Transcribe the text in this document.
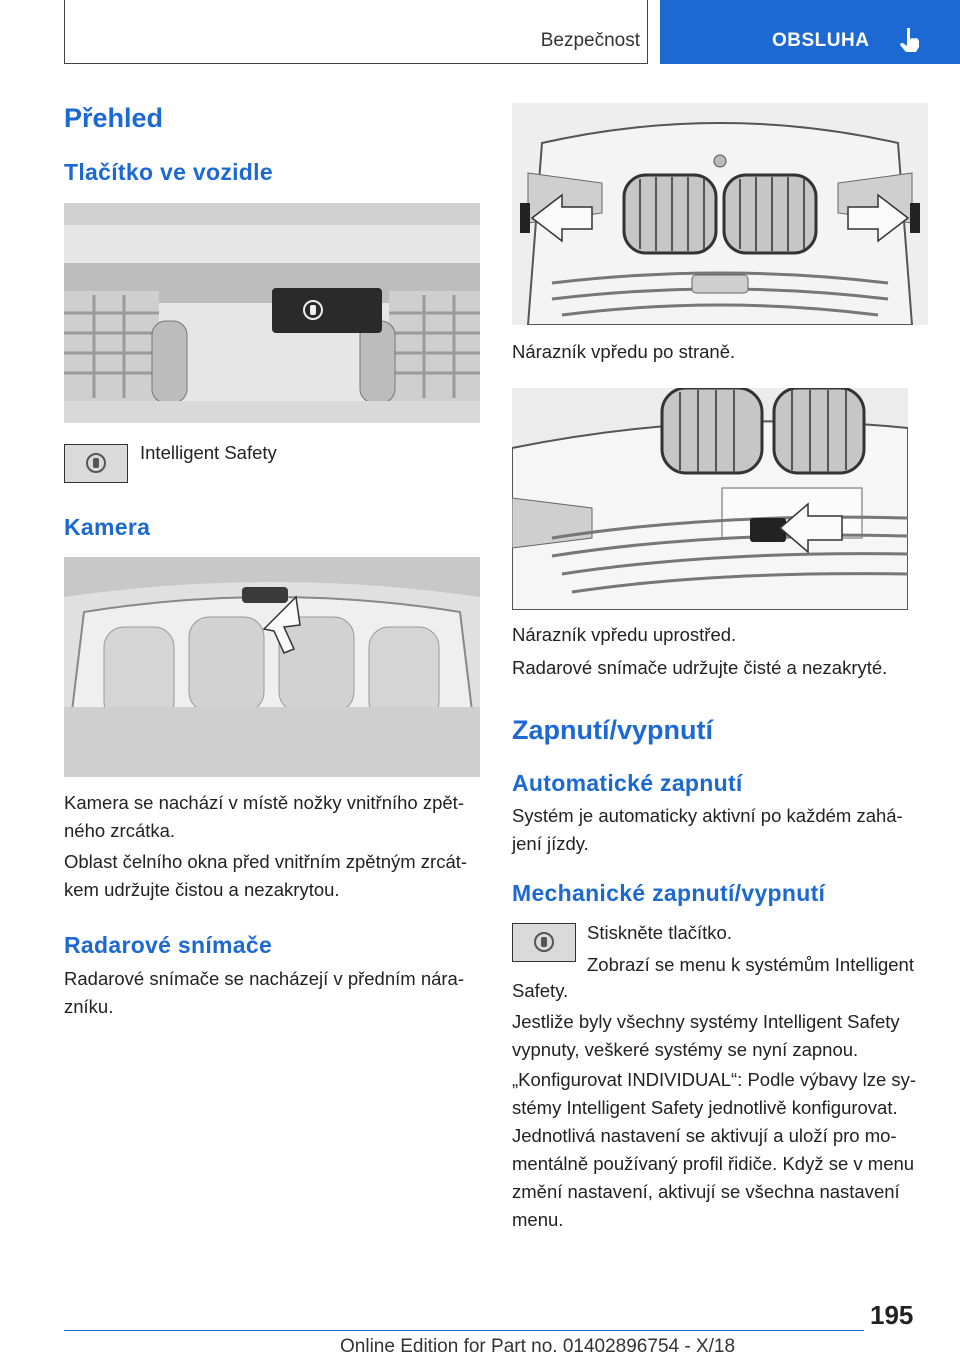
Bezpečnost	OBSLUHA
Přehled
Tlačítko ve vozidle
Intelligent Safety
Kamera
Kamera se nachází v místě nožky vnitřního zpět‐
ného zrcátka.
Oblast čelního okna před vnitřním zpětným zrcát‐
kem udržujte čistou a nezakrytou.
Radarové snímače
Radarové snímače se nacházejí v předním nára‐
zníku.
Nárazník vpředu po straně.
Nárazník vpředu uprostřed.
Radarové snímače udržujte čisté a nezakryté.
Zapnutí/vypnutí
Automatické zapnutí
Systém je automaticky aktivní po každém zahá‐
jení jízdy.
Mechanické zapnutí/vypnutí
Stiskněte tlačítko.
Zobrazí se menu k systémům Intelligent
Safety.
Jestliže byly všechny systémy Intelligent Safety
vypnuty, veškeré systémy se nyní zapnou.
„Konfigurovat INDIVIDUAL“: Podle výbavy lze sy‐
stémy Intelligent Safety jednotlivě konfigurovat.
Jednotlivá nastavení se aktivují a uloží pro mo‐
mentálně používaný profil řidiče. Když se v menu
změní nastavení, aktivují se všechna nastavení
menu.
195
Online Edition for Part no. 01402896754 - X/18
